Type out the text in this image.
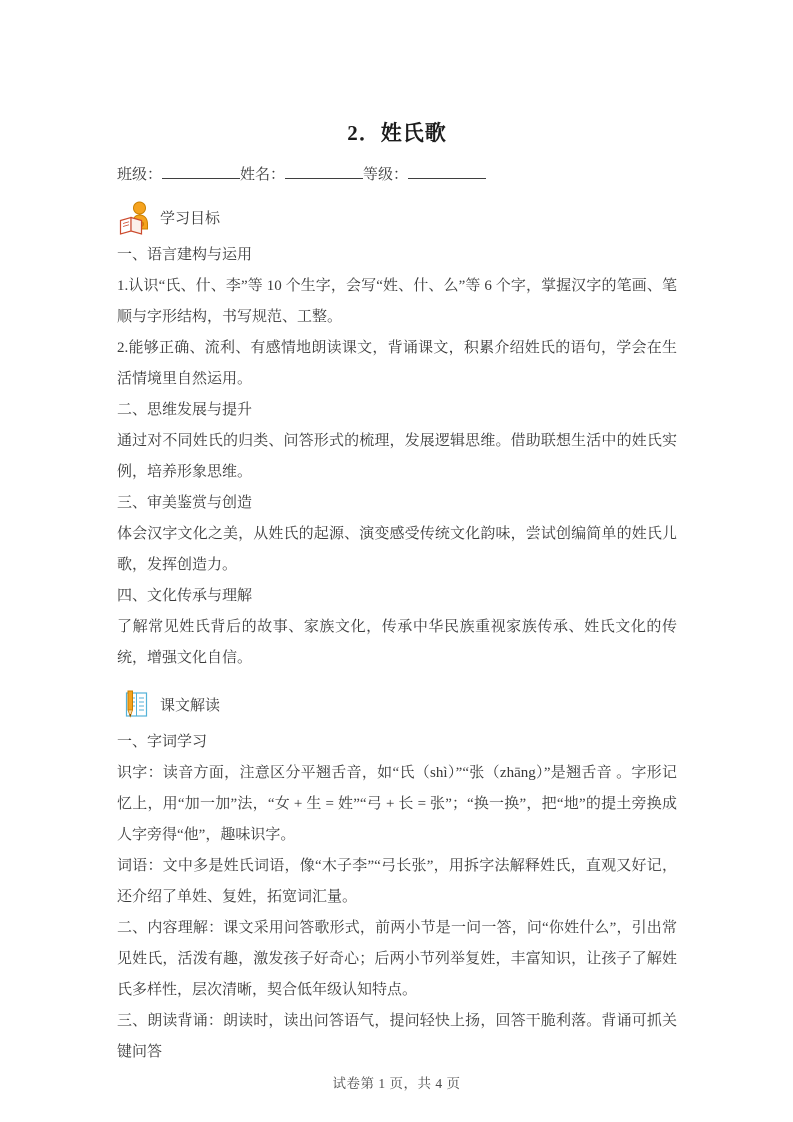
2．姓氏歌
班级：	姓名：	等级：
学习目标

一、语言建构与运用

1.认识“氏、什、李”等 10 个生字，会写“姓、什、么”等 6 个字，掌握汉字的笔画、笔顺与字形结构，书写规范、工整。

2.能够正确、流利、有感情地朗读课文，背诵课文，积累介绍姓氏的语句，学会在生活情境里自然运用。

二、思维发展与提升

通过对不同姓氏的归类、问答形式的梳理，发展逻辑思维。借助联想生活中的姓氏实例，培养形象思维。

三、审美鉴赏与创造

体会汉字文化之美，从姓氏的起源、演变感受传统文化韵味，尝试创编简单的姓氏儿歌，发挥创造力。

四、文化传承与理解

了解常见姓氏背后的故事、家族文化，传承中华民族重视家族传承、姓氏文化的传统，增强文化自信。

课文解读

一、字词学习

识字：读音方面，注意区分平翘舌音，如“氏（shì）”“张（zhāng）”是翘舌音 。字形记忆上，用“加一加”法，“女 + 生 = 姓”“弓 + 长 = 张”；“换一换”，把“地”的提土旁换成人字旁得“他”，趣味识字。

词语：文中多是姓氏词语，像“木子李”“弓长张”，用拆字法解释姓氏，直观又好记，还介绍了单姓、复姓，拓宽词汇量。

二、内容理解：课文采用问答歌形式，前两小节是一问一答，问“你姓什么”，引出常见姓氏，活泼有趣，激发孩子好奇心；后两小节列举复姓，丰富知识，让孩子了解姓氏多样性，层次清晰，契合低年级认知特点。

三、朗读背诵：朗读时，读出问答语气，提问轻快上扬，回答干脆利落。背诵可抓关键问答

试卷第 1 页，共 4 页
